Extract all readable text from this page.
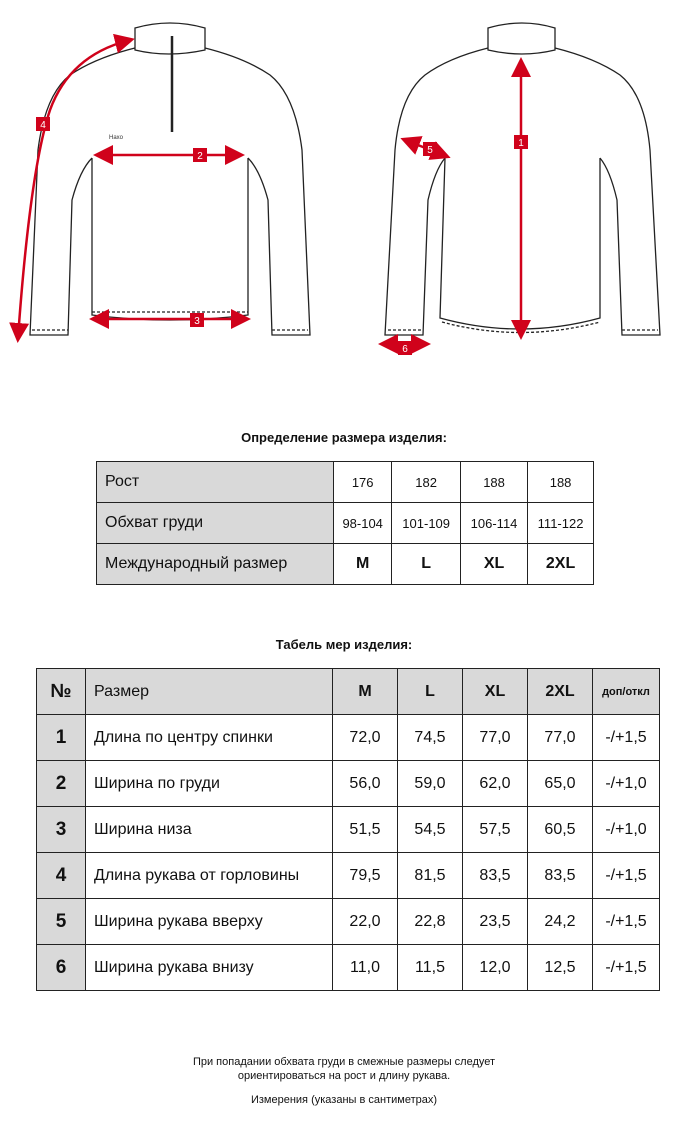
Haxo	1
2
3
4
5
6
Определение размера изделия:
Рост	176	182	188	188
Обхват груди	98-104	101-109	106-114	111-122
Международный размер	M	L	XL	2XL
Табель мер изделия:
№	Размер	M	L	XL	2XL	доп/откл
1	Длина по центру спинки	72,0	74,5	77,0	77,0	-/+1,5
2	Ширина по груди	56,0	59,0	62,0	65,0	-/+1,0
3	Ширина низа	51,5	54,5	57,5	60,5	-/+1,0
4	Длина рукава от горловины	79,5	81,5	83,5	83,5	-/+1,5
5	Ширина рукава вверху	22,0	22,8	23,5	24,2	-/+1,5
6	Ширина рукава внизу	11,0	11,5	12,0	12,5	-/+1,5
При попадании обхвата груди в смежные размеры следует
ориентироваться на рост и длину рукава.
Измерения (указаны в сантиметрах)
